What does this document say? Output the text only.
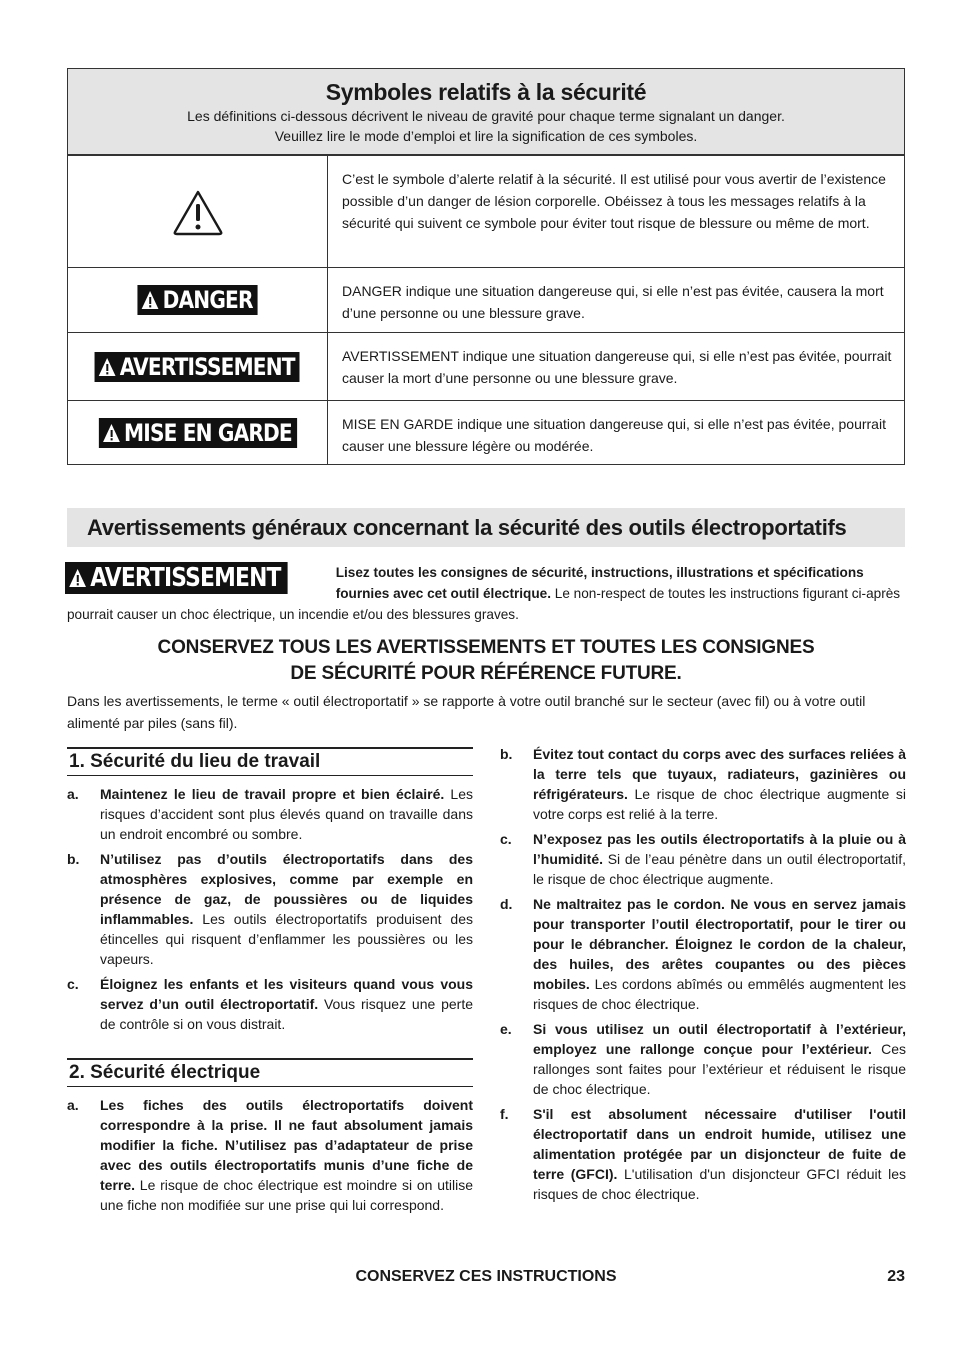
Symboles relatifs à la sécurité
Les définitions ci-dessous décrivent le niveau de gravité pour chaque terme signalant un danger.
Veuillez lire le mode d’emploi et lire la signification de ces symboles.
C’est le symbole d’alerte relatif à la sécurité. Il est utilisé pour vous avertir de l’existence possible d’un danger de lésion corporelle. Obéissez à tous les messages relatifs à la sécurité qui suivent ce symbole pour éviter tout risque de blessure ou même de mort.
DANGER	DANGER indique une situation dangereuse qui, si elle n’est pas évitée, causera la mort d’une personne ou une blessure grave.
AVERTISSEMENT	AVERTISSEMENT indique une situation dangereuse qui, si elle n’est pas évitée, pourrait causer la mort d’une personne ou une blessure grave.
MISE EN GARDE	MISE EN GARDE indique une situation dangereuse qui, si elle n’est pas évitée, pourrait causer une blessure légère ou modérée.
Avertissements généraux concernant la sécurité des outils électroportatifs
AVERTISSEMENT	Lisez toutes les consignes de sécurité, instructions, illustrations et spécifications fournies avec cet outil électrique. Le non-respect de toutes les instructions figurant ci-après pourrait causer un choc électrique, un incendie et/ou des blessures graves.
CONSERVEZ TOUS LES AVERTISSEMENTS ET TOUTES LES CONSIGNES
DE SÉCURITÉ POUR RÉFÉRENCE FUTURE.
Dans les avertissements, le terme « outil électroportatif » se rapporte à votre outil branché sur le secteur (avec fil) ou à votre outil alimenté par piles (sans fil).
1. Sécurité du lieu de travail
a.	Maintenez le lieu de travail propre et bien éclairé. Les risques d’accident sont plus élevés quand on travaille dans un endroit encombré ou sombre.
b.	N’utilisez pas d’outils électroportatifs dans des atmosphères explosives, comme par exemple en présence de gaz, de poussières ou de liquides inflammables. Les outils électroportatifs produisent des étincelles qui risquent d’enflammer les poussières ou les vapeurs.
c.	Éloignez les enfants et les visiteurs quand vous vous servez d’un outil électroportatif. Vous risquez une perte de contrôle si on vous distrait.
2. Sécurité électrique
a.	Les fiches des outils électroportatifs doivent correspondre à la prise. Il ne faut absolument jamais modifier la fiche. N’utilisez pas d’adaptateur de prise avec des outils électroportatifs munis d’une fiche de terre. Le risque de choc électrique est moindre si on utilise une fiche non modifiée sur une prise qui lui correspond.
b.	Évitez tout contact du corps avec des surfaces reliées à la terre tels que tuyaux, radiateurs, gazinières ou réfrigérateurs. Le risque de choc électrique augmente si votre corps est relié à la terre.
c.	N’exposez pas les outils électroportatifs à la pluie ou à l’humidité. Si de l’eau pénètre dans un outil électroportatif, le risque de choc électrique augmente.
d.	Ne maltraitez pas le cordon. Ne vous en servez jamais pour transporter l’outil électroportatif, pour le tirer ou pour le débrancher. Éloignez le cordon de la chaleur, des huiles, des arêtes coupantes ou des pièces mobiles. Les cordons abîmés ou emmêlés augmentent les risques de choc électrique.
e.	Si vous utilisez un outil électroportatif à l’extérieur, employez une rallonge conçue pour l’extérieur. Ces rallonges sont faites pour l’extérieur et réduisent le risque de choc électrique.
f.	S'il est absolument nécessaire d'utiliser l'outil électroportatif dans un endroit humide, utilisez une alimentation protégée par un disjoncteur de fuite de terre (GFCI). L'utilisation d'un disjoncteur GFCI réduit les risques de choc électrique.
CONSERVEZ CES INSTRUCTIONS	23
